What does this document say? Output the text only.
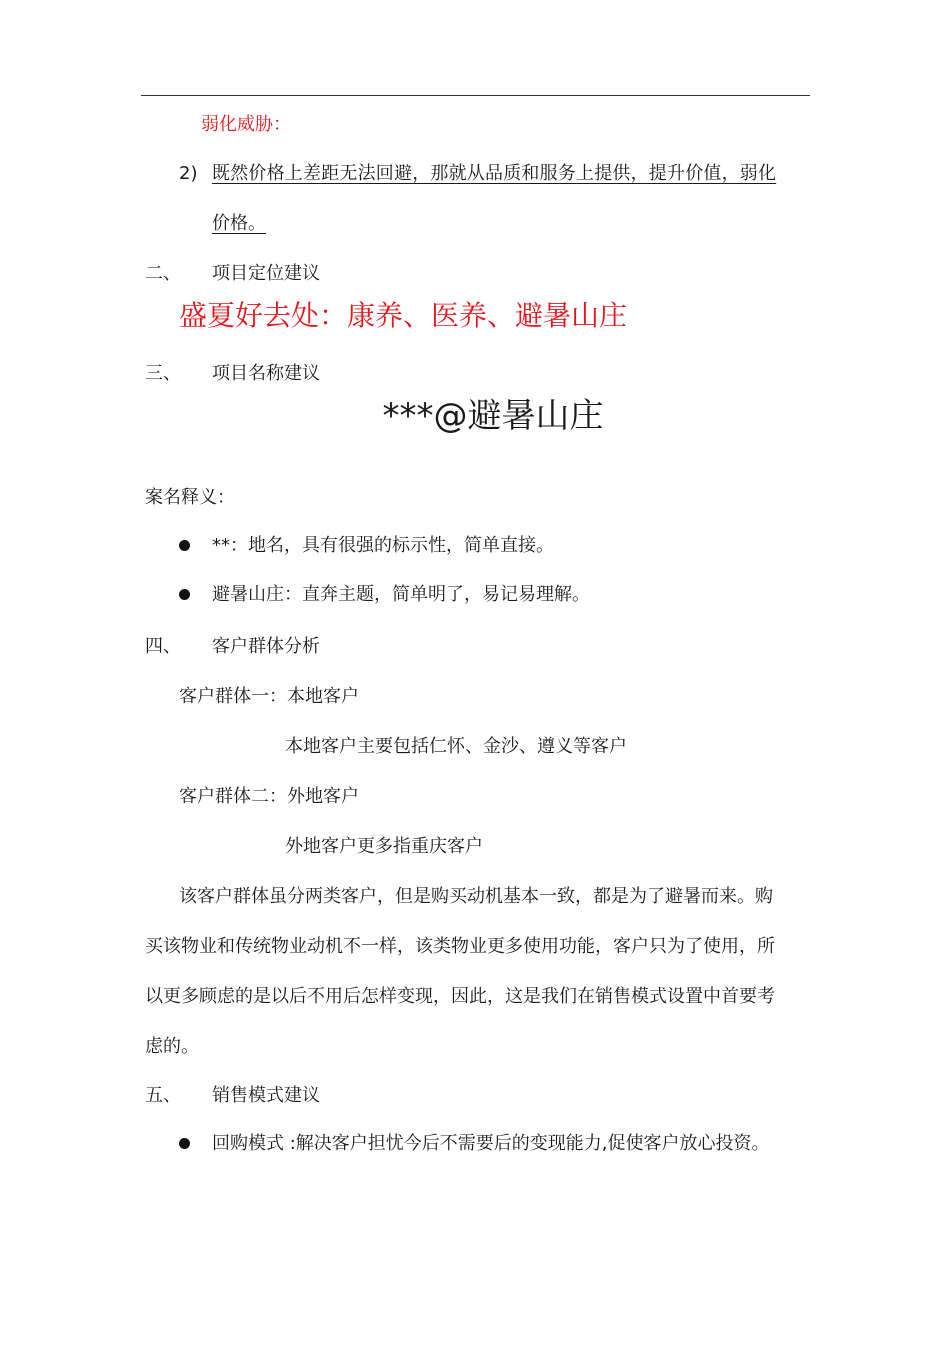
弱化威胁：
2) 既然价格上差距无法回避，那就从品质和服务上提供，提升价值，弱化
价格。
二、 项目定位建议
盛夏好去处：康养、医养、避暑山庄
三、 项目名称建议
***@避暑山庄
案名释义：
**：地名，具有很强的标示性，简单直接。
避暑山庄：直奔主题，简单明了，易记易理解。
四、 客户群体分析
客户群体一：本地客户
本地客户主要包括仁怀、金沙、遵义等客户
客户群体二：外地客户
外地客户更多指重庆客户
该客户群体虽分两类客户，但是购买动机基本一致，都是为了避暑而来。购
买该物业和传统物业动机不一样，该类物业更多使用功能，客户只为了使用，所
以更多顾虑的是以后不用后怎样变现，因此，这是我们在销售模式设置中首要考
虑的。
五、 销售模式建议
回购模式 :解决客户担忧今后不需要后的变现能力,促使客户放心投资。
